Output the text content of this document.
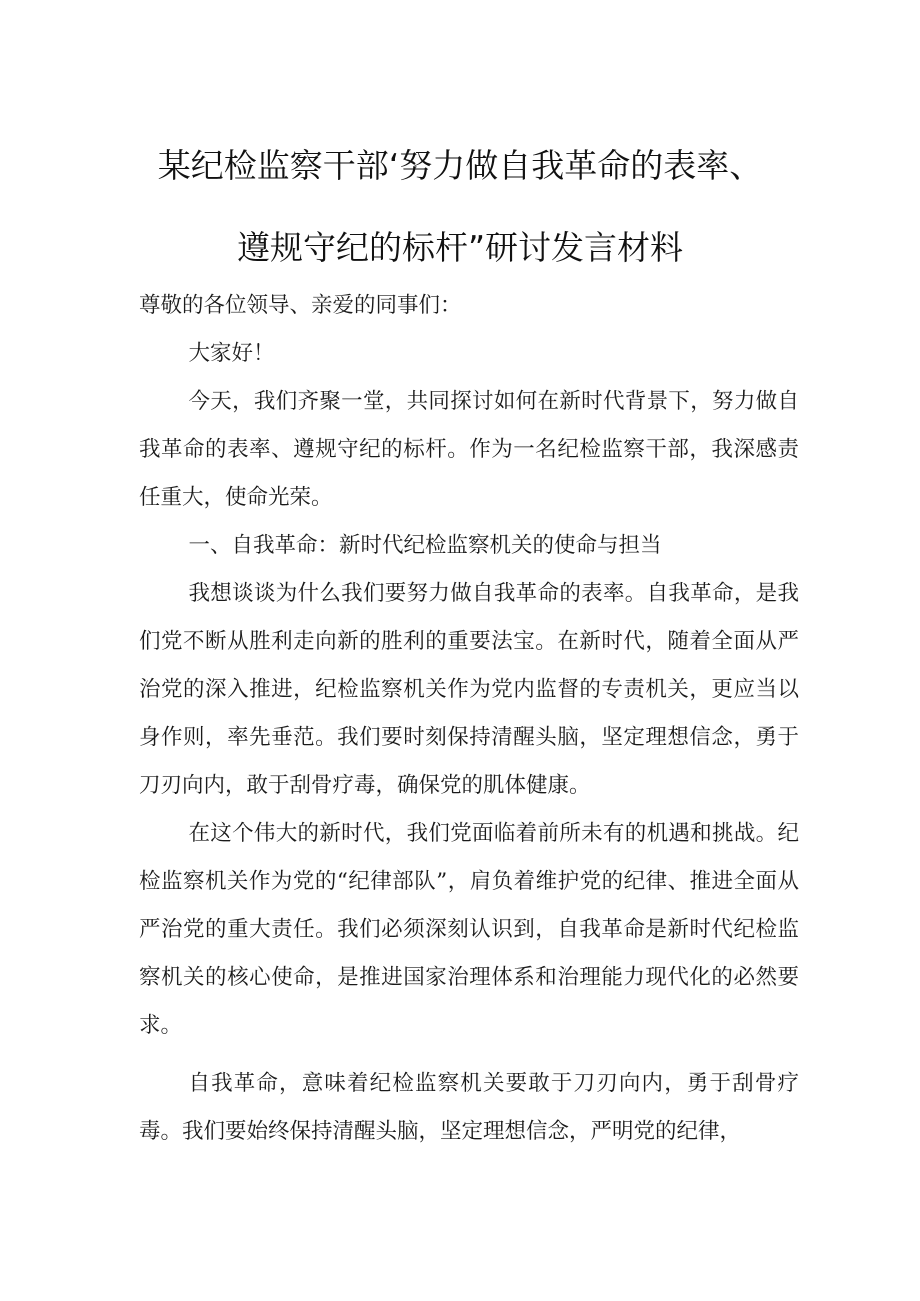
某纪检监察干部‘努力做自我革命的表率、
遵规守纪的标杆”研讨发言材料

尊敬的各位领导、亲爱的同事们：

大家好！

今天，我们齐聚一堂，共同探讨如何在新时代背景下，努力做自我革命的表率、遵规守纪的标杆。作为一名纪检监察干部，我深感责任重大，使命光荣。

一、自我革命：新时代纪检监察机关的使命与担当

我想谈谈为什么我们要努力做自我革命的表率。自我革命，是我们党不断从胜利走向新的胜利的重要法宝。在新时代，随着全面从严治党的深入推进，纪检监察机关作为党内监督的专责机关，更应当以身作则，率先垂范。我们要时刻保持清醒头脑，坚定理想信念，勇于刀刃向内，敢于刮骨疗毒，确保党的肌体健康。

在这个伟大的新时代，我们党面临着前所未有的机遇和挑战。纪检监察机关作为党的“纪律部队”，肩负着维护党的纪律、推进全面从严治党的重大责任。我们必须深刻认识到，自我革命是新时代纪检监察机关的核心使命，是推进国家治理体系和治理能力现代化的必然要求。

自我革命，意味着纪检监察机关要敢于刀刃向内，勇于刮骨疗毒。我们要始终保持清醒头脑，坚定理想信念，严明党的纪律，
